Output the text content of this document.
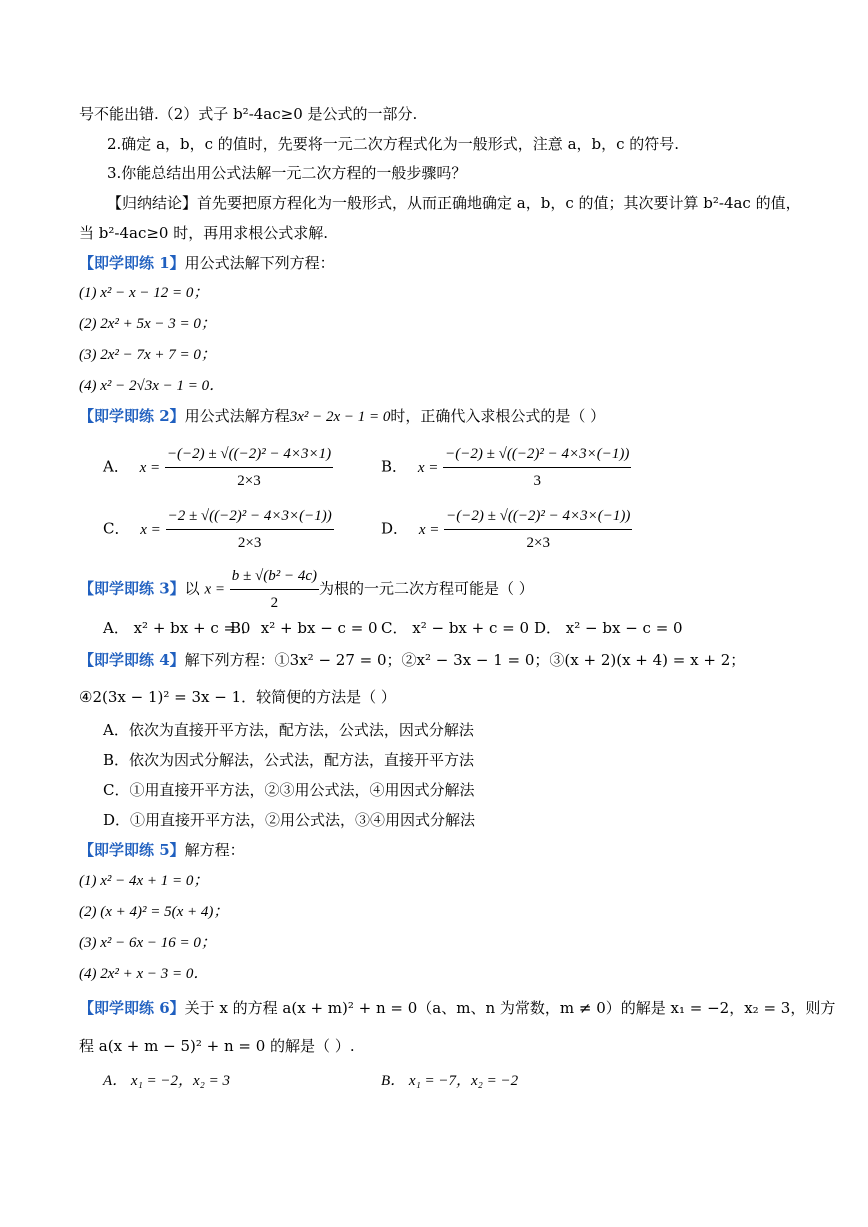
号不能出错.（2）式子 b²-4ac≥0 是公式的一部分.
2.确定 a，b，c 的值时，先要将一元二次方程式化为一般形式，注意 a，b，c 的符号.
3.你能总结出用公式法解一元二次方程的一般步骤吗？
【归纳结论】首先要把原方程化为一般形式，从而正确地确定 a，b，c 的值；其次要计算 b²-4ac 的值，
当 b²-4ac≥0 时，再用求根公式求解.
【即学即练 1】用公式法解下列方程：
(1) x² − x − 12 = 0；
(2) 2x² + 5x − 3 = 0；
(3) 2x² − 7x + 7 = 0；
(4) x² − 2√3x − 1 = 0．
【即学即练 2】用公式法解方程3x² − 2x − 1 = 0时，正确代入求根公式的是（ ）
A． $x = \frac{\text{−(−2) ± √((−2)² − 4×3×1)}}{2\times 3}$	B． $x = \frac{\text{−(−2) ± √((−2)² − 4×3×(−1))}}{3}$
C． $x = \frac{\text{−2 ± √((−2)² − 4×3×(−1))}}{2\times 3}$	D． $x = \frac{\text{−(−2) ± √((−2)² − 4×3×(−1))}}{2\times 3}$
【即学即练 3】以 $x = \frac{\text{b ± √(b² − 4c)}}{2}$ 为根的一元二次方程可能是（ ）
A． x² + bx + c = 0
B． x² + bx − c = 0 C． x² − bx + c = 0 D． x² − bx − c = 0
【即学即练 4】解下列方程：①3x² − 27 = 0；②x² − 3x − 1 = 0；③(x + 2)(x + 4) = x + 2；
④2(3x − 1)² = 3x − 1．较简便的方法是（ ）
A．依次为直接开平方法，配方法，公式法，因式分解法
B．依次为因式分解法，公式法，配方法，直接开平方法
C．①用直接开平方法，②③用公式法，④用因式分解法
D．①用直接开平方法，②用公式法，③④用因式分解法
【即学即练 5】解方程：
(1) x² − 4x + 1 = 0；
(2) (x + 4)² = 5(x + 4)；
(3) x² − 6x − 16 = 0；
(4) 2x² + x − 3 = 0．
【即学即练 6】关于 x 的方程 a(x + m)² + n = 0（a、m、n 为常数，m ≠ 0）的解是 x₁ = −2，x₂ = 3，则方
程 a(x + m − 5)² + n = 0 的解是（ ）.
A． x₁ = −2，x₂ = 3	B． x₁ = −7，x₂ = −2
